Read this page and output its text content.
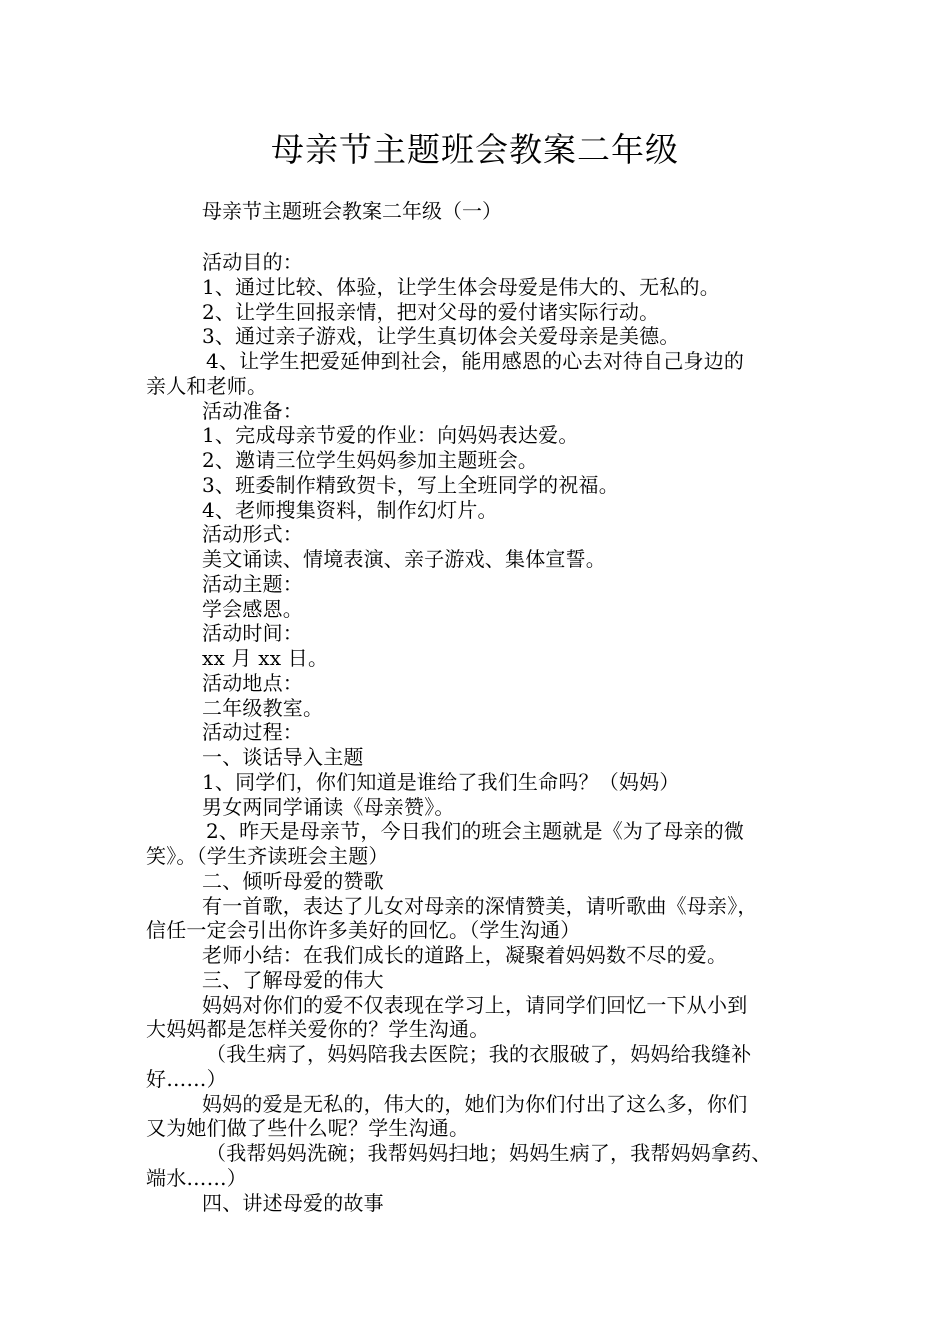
母亲节主题班会教案二年级

母亲节主题班会教案二年级（一）

活动目的：

1、通过比较、体验，让学生体会母爱是伟大的、无私的。

2、让学生回报亲情，把对父母的爱付诸实际行动。

3、通过亲子游戏，让学生真切体会关爱母亲是美德。

4、让学生把爱延伸到社会，能用感恩的心去对待自己身边的

亲人和老师。

活动准备：

1、完成母亲节爱的作业：向妈妈表达爱。

2、邀请三位学生妈妈参加主题班会。

3、班委制作精致贺卡，写上全班同学的祝福。

4、老师搜集资料，制作幻灯片。

活动形式：

美文诵读、情境表演、亲子游戏、集体宣誓。

活动主题：

学会感恩。

活动时间：

xx 月 xx 日。

活动地点：

二年级教室。

活动过程：

一、谈话导入主题

1、同学们，你们知道是谁给了我们生命吗？（妈妈）

男女两同学诵读《母亲赞》。

2、昨天是母亲节，今日我们的班会主题就是《为了母亲的微

笑》。（学生齐读班会主题）

二、倾听母爱的赞歌

有一首歌，表达了儿女对母亲的深情赞美，请听歌曲《母亲》，

信任一定会引出你许多美好的回忆。（学生沟通）

老师小结：在我们成长的道路上，凝聚着妈妈数不尽的爱。

三、了解母爱的伟大

妈妈对你们的爱不仅表现在学习上，请同学们回忆一下从小到

大妈妈都是怎样关爱你的？学生沟通。

（我生病了，妈妈陪我去医院；我的衣服破了，妈妈给我缝补

好……）

妈妈的爱是无私的，伟大的，她们为你们付出了这么多，你们

又为她们做了些什么呢？学生沟通。

（我帮妈妈洗碗；我帮妈妈扫地；妈妈生病了，我帮妈妈拿药、

端水……）

四、讲述母爱的故事
